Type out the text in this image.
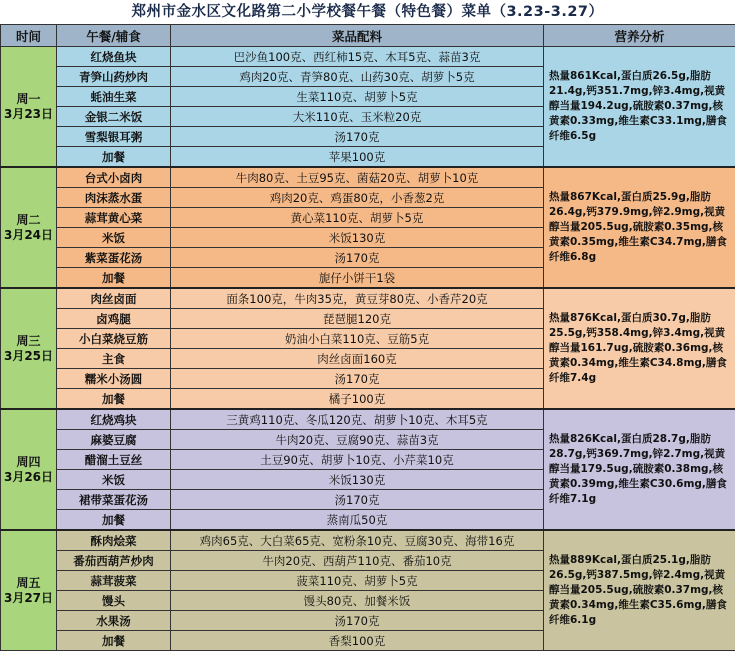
郑州市金水区文化路第二小学校餐午餐（特色餐）菜单（3.23-3.27）
时间	午餐/辅食	菜品配料	营养分析

周一
3月23日	红烧鱼块	巴沙鱼100克、西红柿15克、木耳5克、蒜苗3克	热量861Kcal,蛋白质26.5g,脂肪21.4g,钙351.7mg,锌3.4mg,视黄醇当量194.2ug,硫胺素0.37mg,核黄素0.33mg,维生素C33.1mg,膳食纤维6.5g
	青笋山药炒肉	鸡肉20克、青笋80克、山药30克、胡萝卜5克	
	蚝油生菜	生菜110克、胡萝卜5克	
	金银二米饭	大米110克、玉米粒20克	
	雪梨银耳粥	汤170克	
	加餐	苹果100克	

周二
3月24日	台式小卤肉	牛肉80克、土豆95克、菌菇20克、胡萝卜10克	热量867Kcal,蛋白质25.9g,脂肪26.4g,钙379.9mg,锌2.9mg,视黄醇当量205.5ug,硫胺素0.35mg,核黄素0.35mg,维生素C34.7mg,膳食纤维6.8g
	肉沫蒸水蛋	鸡肉20克、鸡蛋80克，小香葱2克	
	蒜茸黄心菜	黄心菜110克、胡萝卜5克	
	米饭	米饭130克	
	紫菜蛋花汤	汤170克	
	加餐	旎仔小饼干1袋	

周三
3月25日	肉丝卤面	面条100克，牛肉35克，黄豆芽80克、小香芹20克	热量876Kcal,蛋白质30.7g,脂肪25.5g,钙358.4mg,锌3.4mg,视黄醇当量161.7ug,硫胺素0.36mg,核黄素0.34mg,维生素C34.8mg,膳食纤维7.4g
	卤鸡腿	琵琶腿120克	
	小白菜烧豆筋	奶油小白菜110克、豆筋5克	
	主食	肉丝卤面160克	
	糯米小汤圆	汤170克	
	加餐	橘子100克	

周四
3月26日	红烧鸡块	三黄鸡110克、冬瓜120克、胡萝卜10克、木耳5克	热量826Kcal,蛋白质28.7g,脂肪28.7g,钙369.7mg,锌2.7mg,视黄醇当量179.5ug,硫胺素0.38mg,核黄素0.39mg,维生素C30.6mg,膳食纤维7.1g
	麻婆豆腐	牛肉20克、豆腐90克、蒜苗3克	
	醋溜土豆丝	土豆90克、胡萝卜10克、小芹菜10克	
	米饭	米饭130克	
	裙带菜蛋花汤	汤170克	
	加餐	蒸南瓜50克	

周五
3月27日	酥肉烩菜	鸡肉65克、大白菜65克、宽粉条10克、豆腐30克、海带16克	热量889Kcal,蛋白质25.1g,脂肪26.5g,钙387.5mg,锌2.4mg,视黄醇当量205.5ug,硫胺素0.37mg,核黄素0.34mg,维生素C35.6mg,膳食纤维6.1g
	番茄西葫芦炒肉	牛肉20克、西葫芦110克、番茄10克	
	蒜茸菠菜	菠菜110克、胡萝卜5克	
	馒头	馒头80克、加餐米饭	
	水果汤	汤170克	
	加餐	香梨100克	
